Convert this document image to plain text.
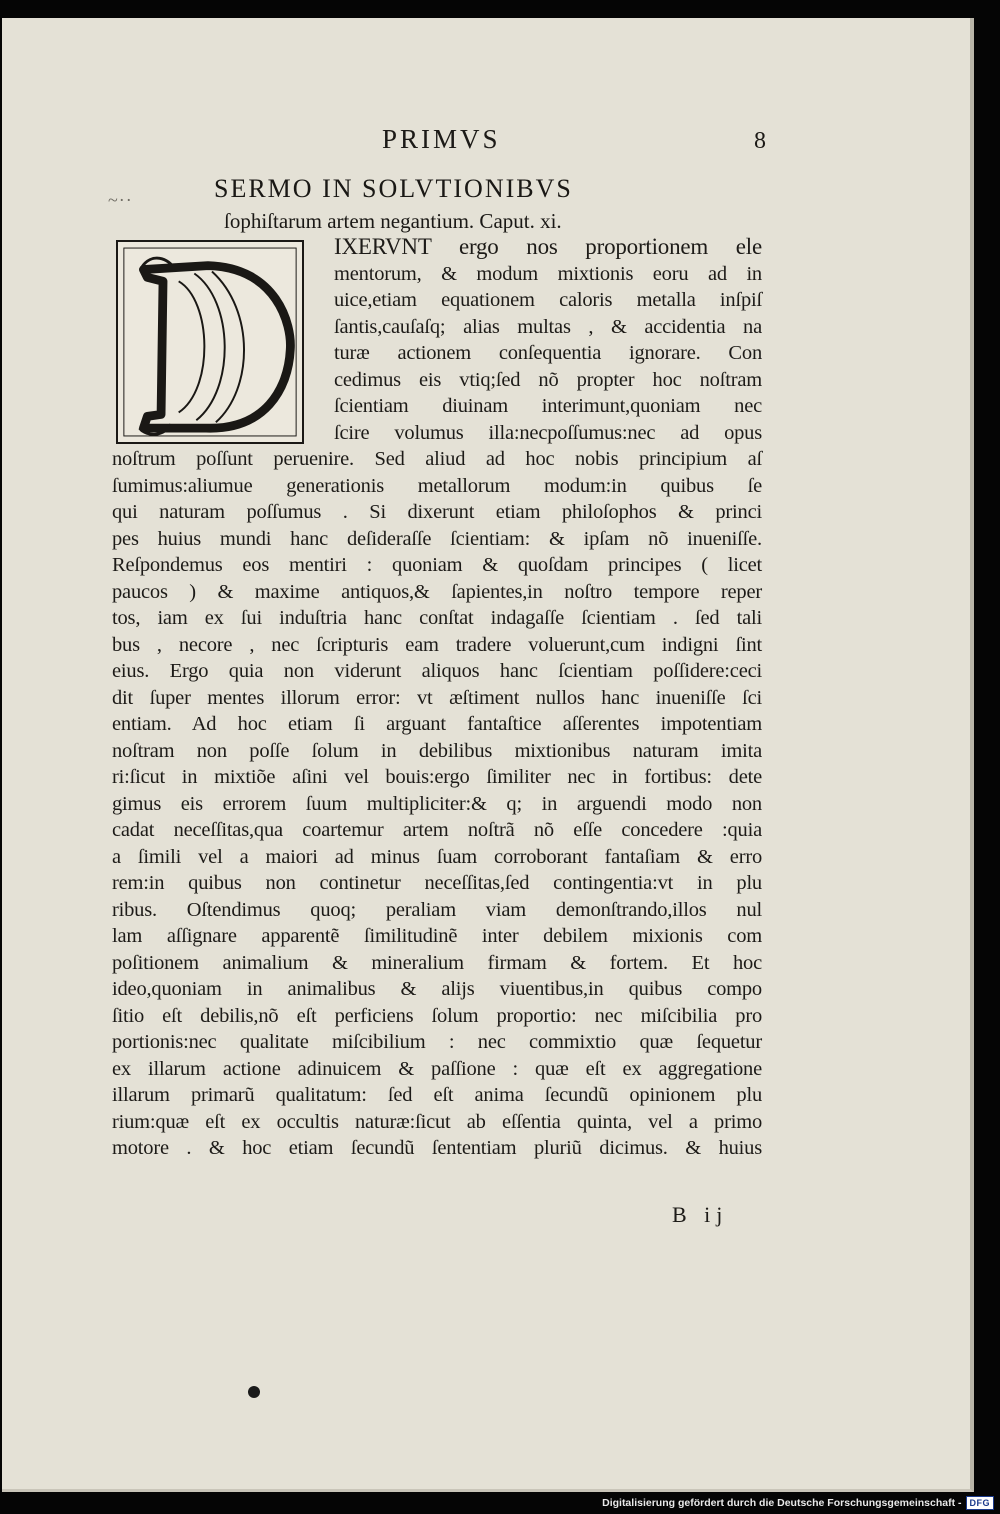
PRIMVS	8
~··	SERMO IN SOLVTIONIBVS
ſophiſtarum artem negantium. Caput. xi.
IXERVNT ergo nos proportionem ele
mentorum, & modum mixtionis eoru ad in
uice,etiam equationem caloris metalla inſpiſ
ſantis,cauſaſq; alias multas , & accidentia na
turæ actionem conſequentia ignorare. Con
cedimus eis vtiq;ſed nõ propter hoc noſtram
ſcientiam diuinam interimunt,quoniam nec
ſcire volumus illa:necpoſſumus:nec ad opus
noſtrum poſſunt peruenire. Sed aliud ad hoc nobis principium aſ
ſumimus:aliumue generationis metallorum modum:in quibus ſe
qui naturam poſſumus . Si dixerunt etiam philoſophos & princi
pes huius mundi hanc deſideraſſe ſcientiam: & ipſam nõ inueniſſe.
Reſpondemus eos mentiri : quoniam & quoſdam principes ( licet
paucos ) & maxime antiquos,& ſapientes,in noſtro tempore reper
tos, iam ex ſui induſtria hanc conſtat indagaſſe ſcientiam . ſed tali
bus , necore , nec ſcripturis eam tradere voluerunt,cum indigni ſint
eius. Ergo quia non viderunt aliquos hanc ſcientiam poſſidere:ceci
dit ſuper mentes illorum error: vt æſtiment nullos hanc inueniſſe ſci
entiam. Ad hoc etiam ſi arguant fantaſtice aſſerentes impotentiam
noſtram non poſſe ſolum in debilibus mixtionibus naturam imita
ri:ſicut in mixtiõe aſini vel bouis:ergo ſimiliter nec in fortibus: dete
gimus eis errorem ſuum multipliciter:& q; in arguendi modo non
cadat neceſſitas,qua coartemur artem noſtrã nõ eſſe concedere :quia
a ſimili vel a maiori ad minus ſuam corroborant fantaſiam & erro
rem:in quibus non continetur neceſſitas,ſed contingentia:vt in plu
ribus. Oſtendimus quoq; peraliam viam demonſtrando,illos nul
lam aſſignare apparentẽ ſimilitudinẽ inter debilem mixionis com
poſitionem animalium & mineralium firmam & fortem. Et hoc
ideo,quoniam in animalibus & alijs viuentibus,in quibus compo
ſitio eſt debilis,nõ eſt perficiens ſolum proportio: nec miſcibilia pro
portionis:nec qualitate miſcibilium : nec commixtio quæ ſequetur
ex illarum actione adinuicem & paſſione : quæ eſt ex aggregatione
illarum primarũ qualitatum: ſed eſt anima ſecundũ opinionem plu
rium:quæ eſt ex occultis naturæ:ſicut ab eſſentia quinta, vel a primo
motore . & hoc etiam ſecundũ ſententiam pluriũ dicimus. & huius
B ij
Digitalisierung gefördert durch die Deutsche Forschungsgemeinschaft - DFG
